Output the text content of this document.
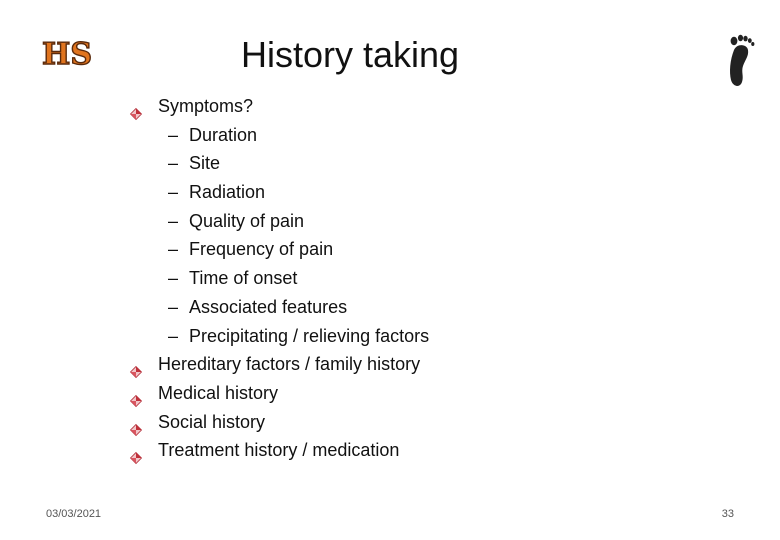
HS	History taking
Symptoms?
– Duration
– Site
– Radiation
– Quality of pain
– Frequency of pain
– Time of onset
– Associated features
– Precipitating / relieving factors
Hereditary factors / family history
Medical history
Social history
Treatment history / medication
03/03/2021	33
